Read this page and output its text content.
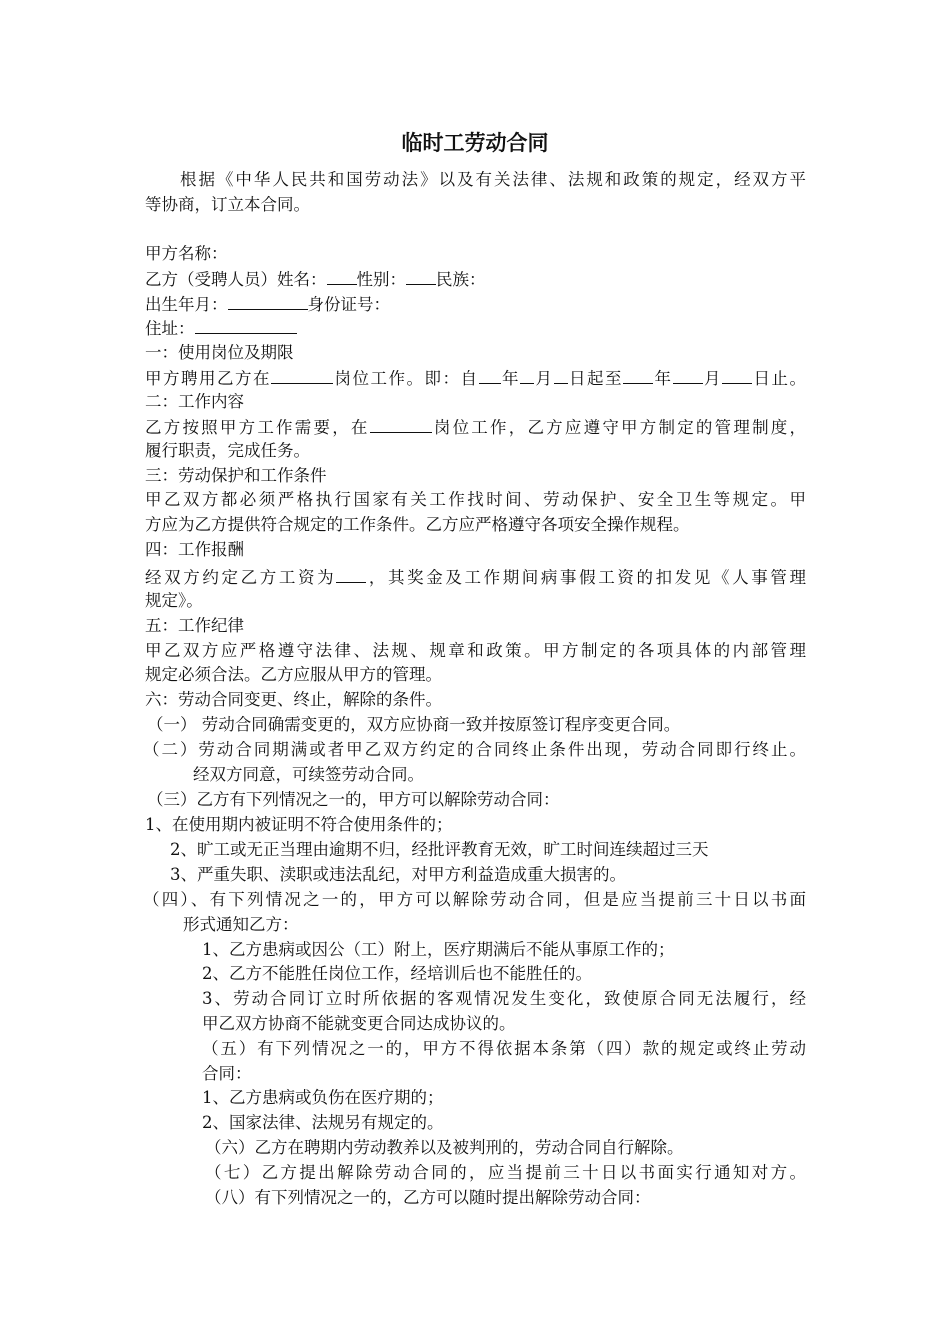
临时工劳动合同
根据《中华人民共和国劳动法》以及有关法律、法规和政策的规定，经双方平
等协商，订立本合同。
甲方名称：
乙方（受聘人员）姓名： 性别： 民族：
出生年月：	身份证号：
住址：
一：使用岗位及期限
甲方聘用乙方在	岗位工作。即：自 年 月 日起至 年 月 日止。
二：工作内容
乙方按照甲方工作需要，在	岗位工作，乙方应遵守甲方制定的管理制度，
履行职责，完成任务。
三：劳动保护和工作条件
甲乙双方都必须严格执行国家有关工作找时间、劳动保护、安全卫生等规定。甲
方应为乙方提供符合规定的工作条件。乙方应严格遵守各项安全操作规程。
四：工作报酬
经双方约定乙方工资为 ，其奖金及工作期间病事假工资的扣发见《人事管理
规定》。
五：工作纪律
甲乙双方应严格遵守法律、法规、规章和政策。甲方制定的各项具体的内部管理
规定必须合法。乙方应服从甲方的管理。
六：劳动合同变更、终止，解除的条件。
（一） 劳动合同确需变更的，双方应协商一致并按原签订程序变更合同。
（二）劳动合同期满或者甲乙双方约定的合同终止条件出现，劳动合同即行终止。
经双方同意，可续签劳动合同。
（三）乙方有下列情况之一的，甲方可以解除劳动合同：
1、在使用期内被证明不符合使用条件的；
2、旷工或无正当理由逾期不归，经批评教育无效，旷工时间连续超过三天
3、严重失职、渎职或违法乱纪，对甲方利益造成重大损害的。
（四）、有下列情况之一的，甲方可以解除劳动合同，但是应当提前三十日以书面
形式通知乙方：
1、乙方患病或因公（工）附上，医疗期满后不能从事原工作的；
2、乙方不能胜任岗位工作，经培训后也不能胜任的。
3、劳动合同订立时所依据的客观情况发生变化，致使原合同无法履行，经
甲乙双方协商不能就变更合同达成协议的。
（五）有下列情况之一的，甲方不得依据本条第（四）款的规定或终止劳动
合同：
1、乙方患病或负伤在医疗期的；
2、国家法律、法规另有规定的。
（六）乙方在聘期内劳动教养以及被判刑的，劳动合同自行解除。
（七）乙方提出解除劳动合同的，应当提前三十日以书面实行通知对方。
（八）有下列情况之一的，乙方可以随时提出解除劳动合同：
